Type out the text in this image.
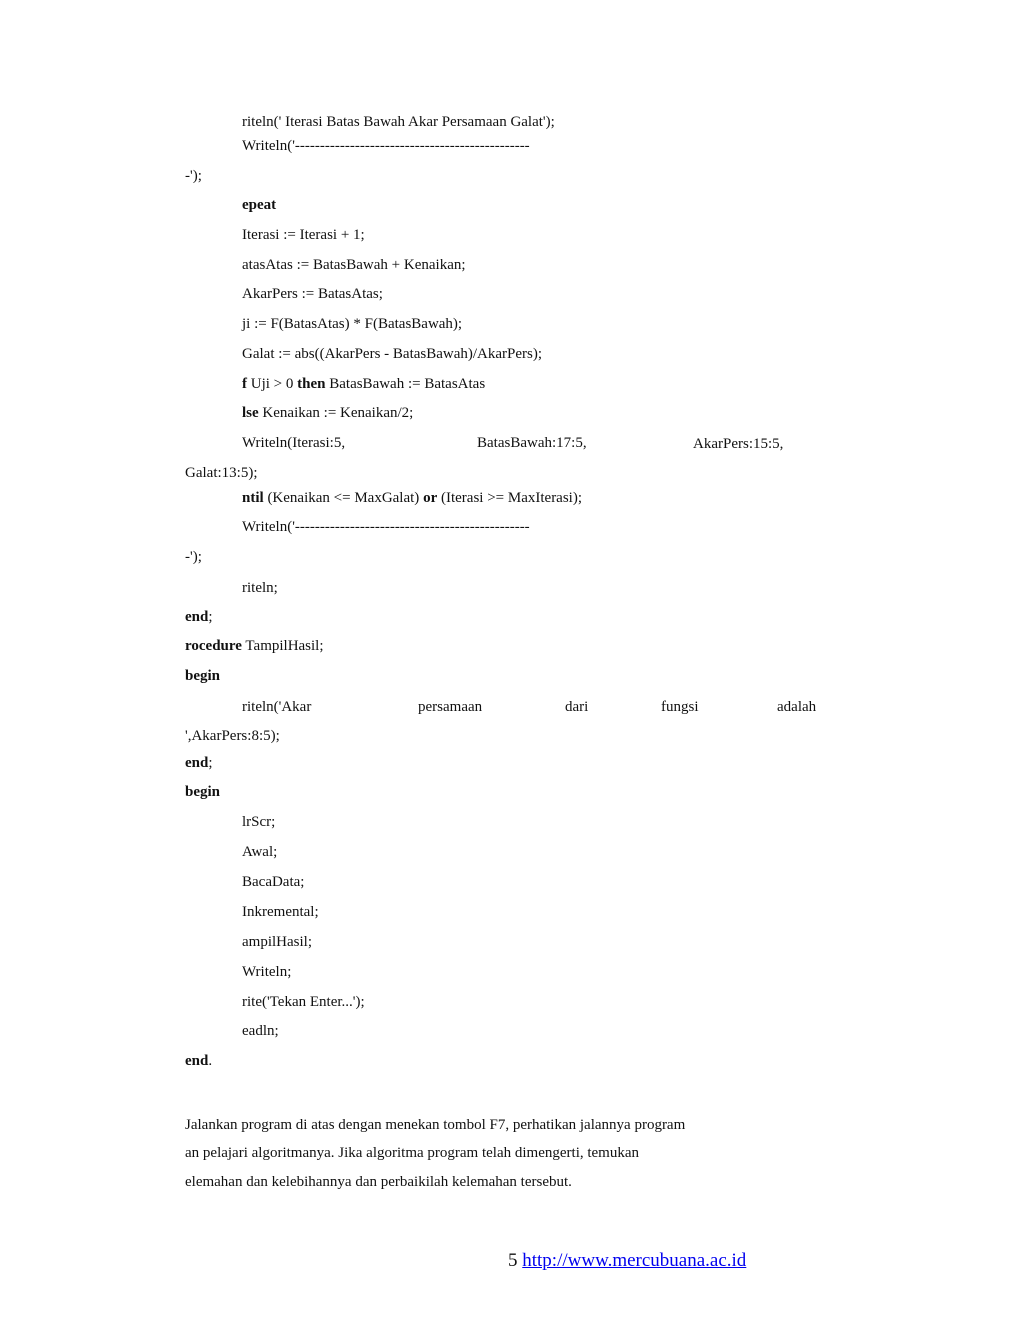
riteln(' Iterasi Batas Bawah Akar Persamaan Galat');
Writeln('-----------------------------------------------
-');
epeat
Iterasi := Iterasi + 1;
atasAtas := BatasBawah + Kenaikan;
AkarPers := BatasAtas;
ji := F(BatasAtas) * F(BatasBawah);
Galat := abs((AkarPers - BatasBawah)/AkarPers);
f Uji > 0 then BatasBawah := BatasAtas
lse Kenaikan := Kenaikan/2;
Writeln(Iterasi:5,	BatasBawah:17:5,	AkarPers:15:5,
Galat:13:5);
ntil (Kenaikan <= MaxGalat) or (Iterasi >= MaxIterasi);
Writeln('-----------------------------------------------
-');
riteln;
end;
rocedure TampilHasil;
begin
riteln('Akar	persamaan	dari	fungsi	adalah
',AkarPers:8:5);
end;
begin
lrScr;
Awal;
BacaData;
Inkremental;
ampilHasil;
Writeln;
rite('Tekan Enter...');
eadln;
end.
Jalankan program di atas dengan menekan tombol F7, perhatikan jalannya program
an pelajari algoritmanya. Jika algoritma program telah dimengerti, temukan
elemahan dan kelebihannya dan perbaikilah kelemahan tersebut.
5 http://www.mercubuana.ac.id
